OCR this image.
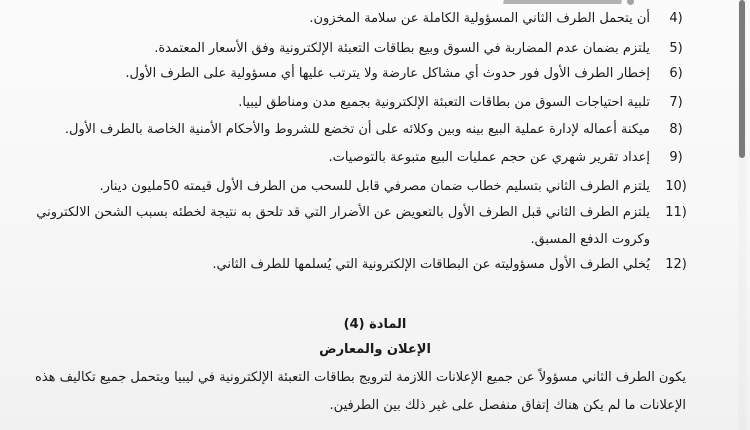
4)
أن يتحمل الطرف الثاني المسؤولية الكاملة عن سلامة المخزون.
5)
يلتزم بضمان عدم المضاربة في السوق وبيع بطاقات التعبئة الإلكترونية وفق الأسعار المعتمدة.
6)
إخطار الطرف الأول فور حدوث أي مشاكل عارضة ولا يترتب عليها أي مسؤولية على الطرف الأول.
7)
تلبية احتياجات السوق من بطاقات التعبئة الإلكترونية بجميع مدن ومناطق ليبيا.
8)
ميكنة أعماله لإدارة عملية البيع بينه وبين وكلائه على أن تخضع للشروط والأحكام الأمنية الخاصة بالطرف الأول.
9)
إعداد تقرير شهري عن حجم عمليات البيع متبوعة بالتوصيات.
10)
يلتزم الطرف الثاني بتسليم خطاب ضمان مصرفي قابل للسحب من الطرف الأول قيمته 50مليون دينار.
11)
يلتزم الطرف الثاني قبل الطرف الأول بالتعويض عن الأضرار التي قد تلحق به نتيجة لخطئه بسبب الشحن الالكتروني
وكروت الدفع المسبق.
12)
يُخلي الطرف الأول مسؤوليته عن البطاقات الإلكترونية التي يُسلمها للطرف الثاني.
المادة (4)
الإعلان والمعارض
يكون الطرف الثاني مسؤولاً عن جميع الإعلانات اللازمة لترويج بطاقات التعبئة الإلكترونية في ليبيا ويتحمل جميع تكاليف هذه
الإعلانات ما لم يكن هناك إتفاق منفصل على غير ذلك بين الطرفين.
